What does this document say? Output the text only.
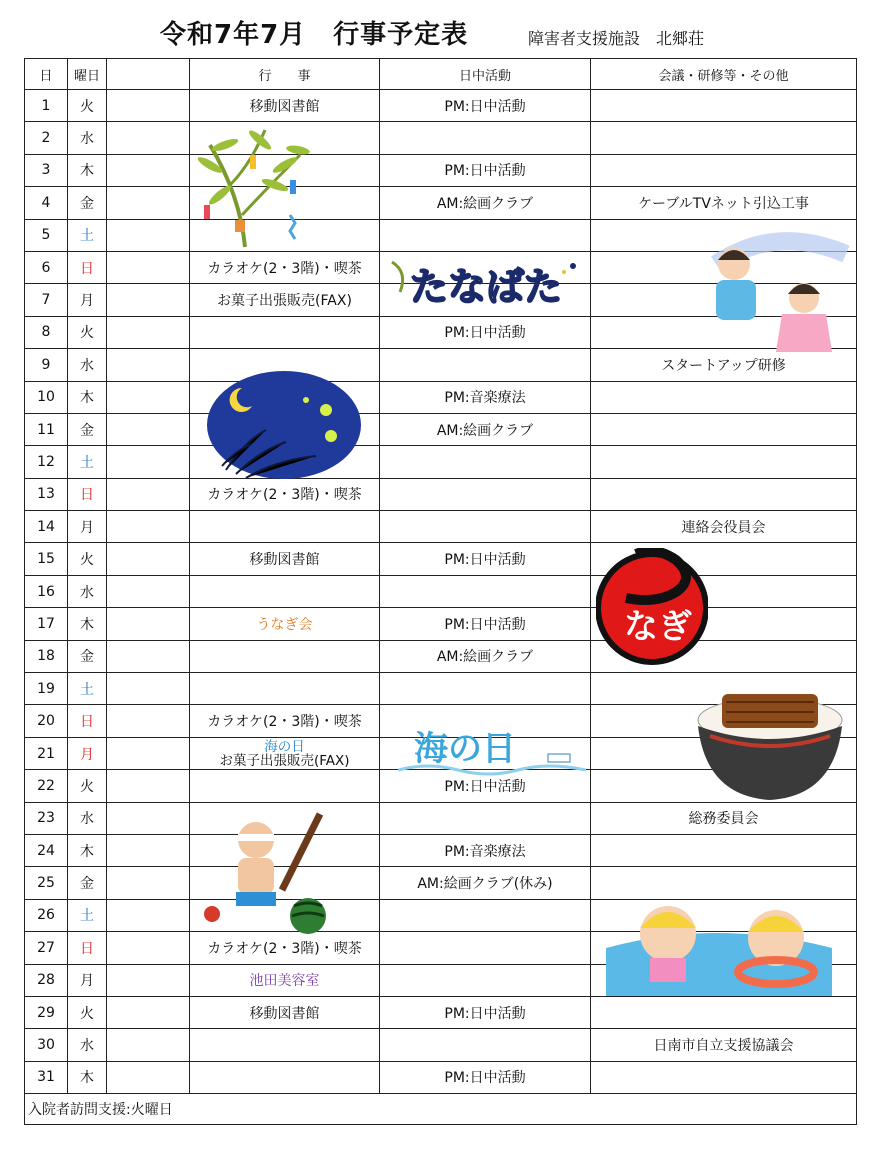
令和7年7月　行事予定表	障害者支援施設　北郷荘
日	曜日		行　　事	日中活動	会議・研修等・その他
1	火		移動図書館	PM:日中活動	
2	水				
3	木			PM:日中活動	
4	金			AM:絵画クラブ	ケーブルTVネット引込工事
5	土				
6	日		カラオケ(2・3階)・喫茶		
7	月		お菓子出張販売(FAX)		
8	火			PM:日中活動	
9	水				スタートアップ研修
10	木			PM:音楽療法	
11	金			AM:絵画クラブ	
12	土				
13	日		カラオケ(2・3階)・喫茶		
14	月				連絡会役員会
15	火		移動図書館	PM:日中活動	
16	水				
17	木		うなぎ会	PM:日中活動	
18	金			AM:絵画クラブ	
19	土				
20	日		カラオケ(2・3階)・喫茶		
21	月		海の日
お菓子出張販売(FAX)		

22	火			PM:日中活動	
23	水				総務委員会
24	木			PM:音楽療法	
25	金			AM:絵画クラブ(休み)	
26	土				
27	日		カラオケ(2・3階)・喫茶		
28	月		池田美容室		
29	火		移動図書館	PM:日中活動	
30	水				日南市自立支援協議会
31	木			PM:日中活動	
入院者訪問支援:火曜日					
たなばた
なぎ
海の日
